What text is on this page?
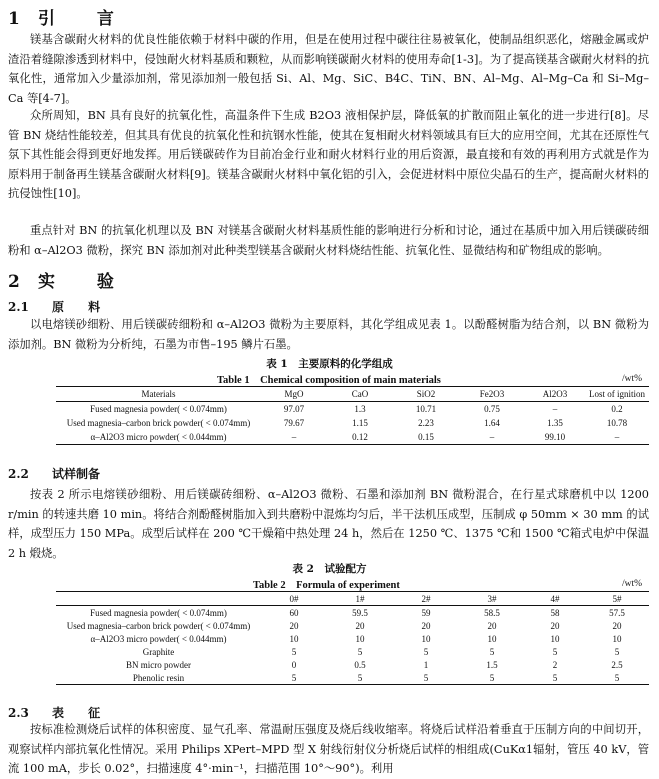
1 引 言
镁基含碳耐火材料的优良性能依赖于材料中碳的作用，但是在使用过程中碳往往易被氧化，使制品组织恶化，熔融金属或炉渣沿着缝隙渗透到材料中，侵蚀耐火材料基质和颗粒，从而影响镁碳耐火材料的使用寿命[1-3]。为了提高镁基含碳耐火材料的抗氧化性，通常加入少量添加剂，常见添加剂一般包括 Si、Al、Mg、SiC、B4C、TiN、BN、Al–Mg、Al–Mg–Ca 和 Si–Mg–Ca 等[4-7]。
众所周知，BN 具有良好的抗氧化性，高温条件下生成 B2O3 液相保护层，降低氧的扩散而阻止氧化的进一步进行[8]。尽管 BN 烧结性能较差，但其具有优良的抗氧化性和抗钢水性能，使其在复相耐火材料领域具有巨大的应用空间，尤其在还原性气氛下其性能会得到更好地发挥。用后镁碳砖作为目前冶金行业和耐火材料行业的用后资源，最直接和有效的再利用方式就是作为原料用于制备再生镁基含碳耐火材料[9]。镁基含碳耐火材料中氧化铝的引入，会促进材料中原位尖晶石的生产，提高耐火材料的抗侵蚀性[10]。
重点针对 BN 的抗氧化机理以及 BN 对镁基含碳耐火材料基质性能的影响进行分析和讨论，通过在基质中加入用后镁碳砖细粉和 α–Al2O3 微粉，探究 BN 添加剂对此种类型镁基含碳耐火材料烧结性能、抗氧化性、显微结构和矿物组成的影响。
2 实 验
2.1 原 料
以电熔镁砂细粉、用后镁碳砖细粉和 α–Al2O3 微粉为主要原料，其化学组成见表 1。以酚醛树脂为结合剂，以 BN 微粉为添加剂。BN 微粉为分析纯，石墨为市售–195 鳞片石墨。
表 1　主要原料的化学组成
Table 1　Chemical composition of main materials	/wt%
Materials	MgO	CaO	SiO2	Fe2O3	Al2O3	Lost of ignition
Fused magnesia powder( < 0.074mm)	97.07	1.3	10.71	0.75	–	0.2
Used magnesia–carbon brick powder( < 0.074mm)	79.67	1.15	2.23	1.64	1.35	10.78
α–Al2O3 micro powder( < 0.044mm)	–	0.12	0.15	–	99.10	–
2.2 试样制备
按表 2 所示电熔镁砂细粉、用后镁碳砖细粉、α–Al2O3 微粉、石墨和添加剂 BN 微粉混合，在行星式球磨机中以 1200 r/min 的转速共磨 10 min。将结合剂酚醛树脂加入到共磨粉中混炼均匀后，半干法机压成型，压制成 φ 50mm × 30 mm 的试样，成型压力 150 MPa。成型后试样在 200 ℃干燥箱中热处理 24 h，然后在 1250 ℃、1375 ℃和 1500 ℃箱式电炉中保温 2 h 煅烧。
表 2　试验配方
Table 2　Formula of experiment	/wt%
	0#	1#	2#	3#	4#	5#
Fused magnesia powder( < 0.074mm)	60	59.5	59	58.5	58	57.5
Used magnesia–carbon brick powder( < 0.074mm)	20	20	20	20	20	20
α–Al2O3 micro powder( < 0.044mm)	10	10	10	10	10	10
Graphite	5	5	5	5	5	5
BN micro powder	0	0.5	1	1.5	2	2.5
Phenolic resin	5	5	5	5	5	5
2.3 表 征
按标准检测烧后试样的体积密度、显气孔率、常温耐压强度及烧后线收缩率。将烧后试样沿着垂直于压制方向的中间切开，观察试样内部抗氧化性情况。采用 Philips XPert–MPD 型 X 射线衍射仪分析烧后试样的相组成(CuKα1辐射，管压 40 kV，管流 100 mA，步长 0.02°，扫描速度 4°·min⁻¹，扫描范围 10°～90°)。利用
